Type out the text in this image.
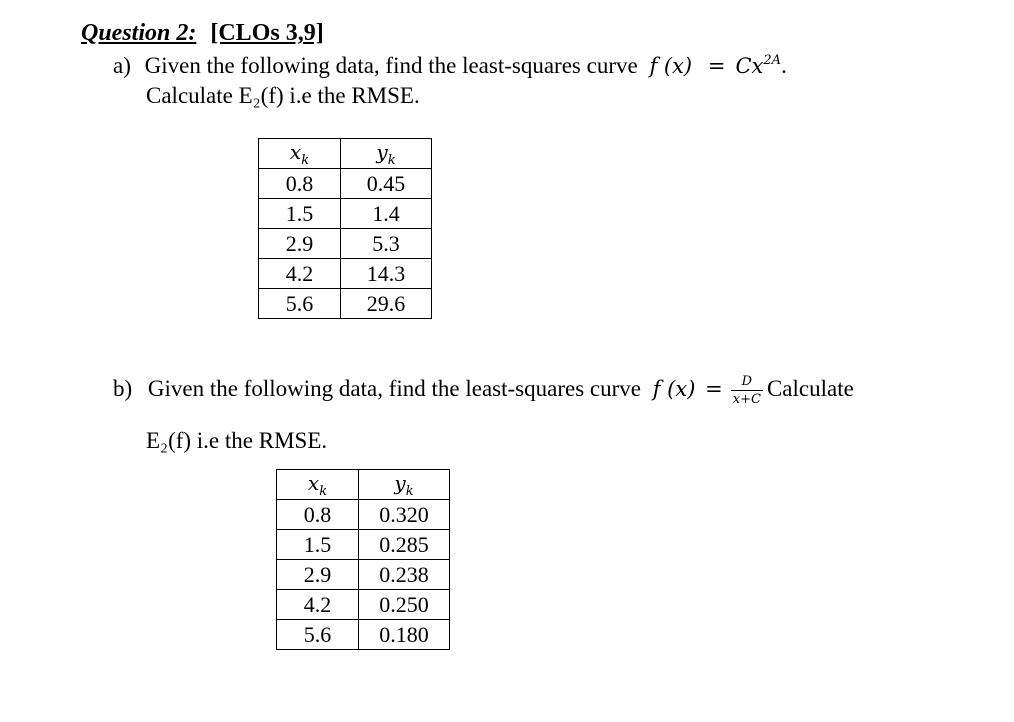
Question 2: [CLOs 3,9]
a) Given the following data, find the least-squares curve f $(x) = Cx^{2A}$.
Calculate E₂(f) i.e the RMSE.
$x_k$	$y_k$
0.8	0.45
1.5	1.4
2.9	5.3
4.2	14.3
5.6	29.6
b) Given the following data, find the least-squares curve f $(x) = \frac{D}{x+C}$ Calculate
E₂(f) i.e the RMSE.
$x_k$	$y_k$
0.8	0.320
1.5	0.285
2.9	0.238
4.2	0.250
5.6	0.180
